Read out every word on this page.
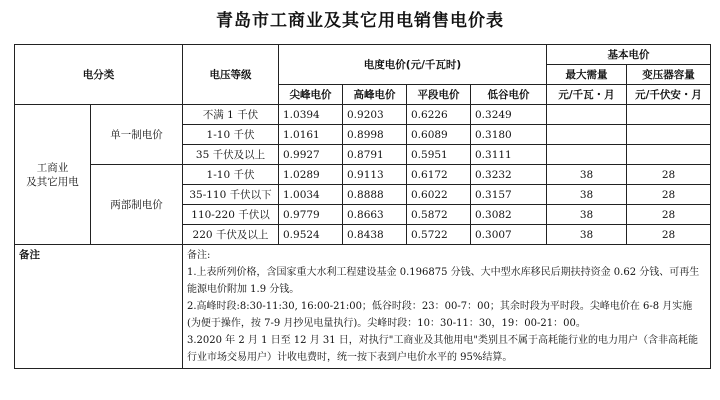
青岛市工商业及其它用电销售电价表
电分类		电压等级	电度电价(元/千瓦时)				基本电价	
							最大需量	变压器容量
			尖峰电价	高峰电价	平段电价	低谷电价	元/千瓦・月	元/千伏安・月

工商业
及其它用电	单一制电价	不满 1 千伏	1.0394	0.9203	0.6226	0.3249		
		1-10 千伏	1.0161	0.8998	0.6089	0.3180		
		35 千伏及以上	0.9927	0.8791	0.5951	0.3111		
	两部制电价	1-10 千伏	1.0289	0.9113	0.6172	0.3232	38	28
		35-110 千伏以下	1.0034	0.8888	0.6022	0.3157	38	28
		110-220 千伏以	0.9779	0.8663	0.5872	0.3082	38	28
		220 千伏及以上	0.9524	0.8438	0.5722	0.3007	38	28
备注		备注:
1.上表所列价格，含国家重大水利工程建设基金 0.196875 分钱、大中型水库移民后期扶持资金 0.62 分钱、可再生能源电价附加 1.9 分钱。
2.高峰时段:8:30-11:30, 16:00-21:00；低谷时段：23：00-7：00；其余时段为平时段。尖峰电价在 6-8 月实施(为便于操作，按 7-9 月抄见电量执行)。尖峰时段：10：30-11：30，19：00-21：00。
3.2020 年 2 月 1 日至 12 月 31 日，对执行"工商业及其他用电"类别且不属于高耗能行业的电力用户（含非高耗能行业市场交易用户）计收电费时，统一按下表到户电价水平的 95%结算。						
